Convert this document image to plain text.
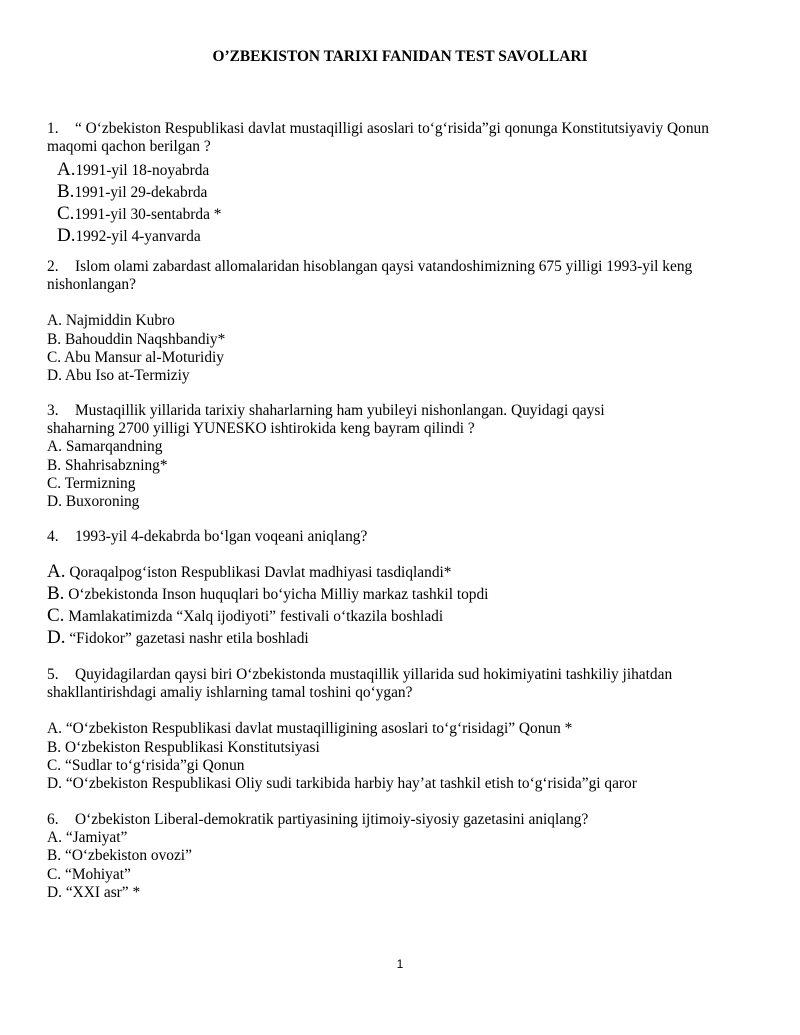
O’ZBEKISTON TARIXI FANIDAN TEST SAVOLLARI

1. “ O‘zbekiston Respublikasi davlat mustaqilligi asoslari to‘g‘risida”gi qonunga Konstitutsiyaviy Qonun maqomi qachon berilgan ?

A.1991-yil 18-noyabrda
B.1991-yil 29-dekabrda
C.1991-yil 30-sentabrda *
D.1992-yil 4-yanvarda

2. Islom olami zabardast allomalaridan hisoblangan qaysi vatandoshimizning 675 yilligi 1993-yil keng nishonlangan?

A. Najmiddin Kubro
B. Bahouddin Naqshbandiy*
C. Abu Mansur al-Moturidiy
D. Abu Iso at-Termiziy

3. Mustaqillik yillarida tarixiy shaharlarning ham yubileyi nishonlangan. Quyidagi qaysi
shaharning 2700 yilligi YUNESKO ishtirokida keng bayram qilindi ?

A. Samarqandning
B. Shahrisabzning*
C. Termizning
D. Buxoroning

4. 1993-yil 4-dekabrda bo‘lgan voqeani aniqlang?

A. Qoraqalpog‘iston Respublikasi Davlat madhiyasi tasdiqlandi*
B. O‘zbekistonda Inson huquqlari bo‘yicha Milliy markaz tashkil topdi
C. Mamlakatimizda “Xalq ijodiyoti” festivali o‘tkazila boshladi
D. “Fidokor” gazetasi nashr etila boshladi

5. Quyidagilardan qaysi biri O‘zbekistonda mustaqillik yillarida sud hokimiyatini tashkiliy jihatdan shakllantirishdagi amaliy ishlarning tamal toshini qo‘ygan?

A. “O‘zbekiston Respublikasi davlat mustaqilligining asoslari to‘g‘risidagi” Qonun *
B. O‘zbekiston Respublikasi Konstitutsiyasi
C. “Sudlar to‘g‘risida”gi Qonun
D. “O‘zbekiston Respublikasi Oliy sudi tarkibida harbiy hay’at tashkil etish to‘g‘risida”gi qaror

6. O‘zbekiston Liberal-demokratik partiyasining ijtimoiy-siyosiy gazetasini aniqlang?

A. “Jamiyat”
B. “O‘zbekiston ovozi”
C. “Mohiyat”
D. “XXI asr” *
1
